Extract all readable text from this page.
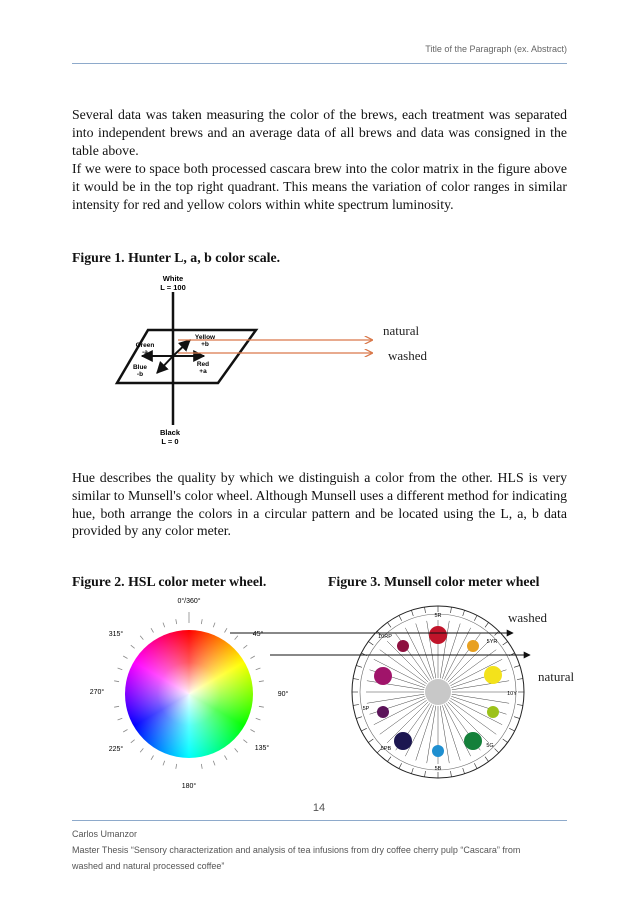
Title of the Paragraph (ex. Abstract)

Several data was taken measuring the color of the brews, each treatment was separated into independent brews and an average data of all brews and data was consigned in the table above.

If we were to space both processed cascara brew into the color matrix in the figure above it would be in the top right quadrant. This means the variation of color ranges in similar intensity for red and yellow colors within white spectrum luminosity.

Figure 1. Hunter L, a, b color scale.

White
L = 100
Green
-a
Yellow
+b
Blue
-b
Red
+a
Black
L = 0
natural
washed

Hue describes the quality by which we distinguish a color from the other. HLS is very similar to Munsell's color wheel. Although Munsell uses a different method for indicating hue, both arrange the colors in a circular pattern and be located using the L, a, b data provided by any color meter.

Figure 2. HSL color meter wheel.	Figure 3. Munsell color meter wheel

0°/360°
45°
90°
135°
180°
225°
270°
315°
5R
10Y
5YR
5G
5B
5PB
5P
10RP
washed
natural
14
Carlos Umanzor
Master Thesis “Sensory characterization and analysis of tea infusions from dry coffee cherry pulp “Cascara” from
washed and natural processed coffee”
